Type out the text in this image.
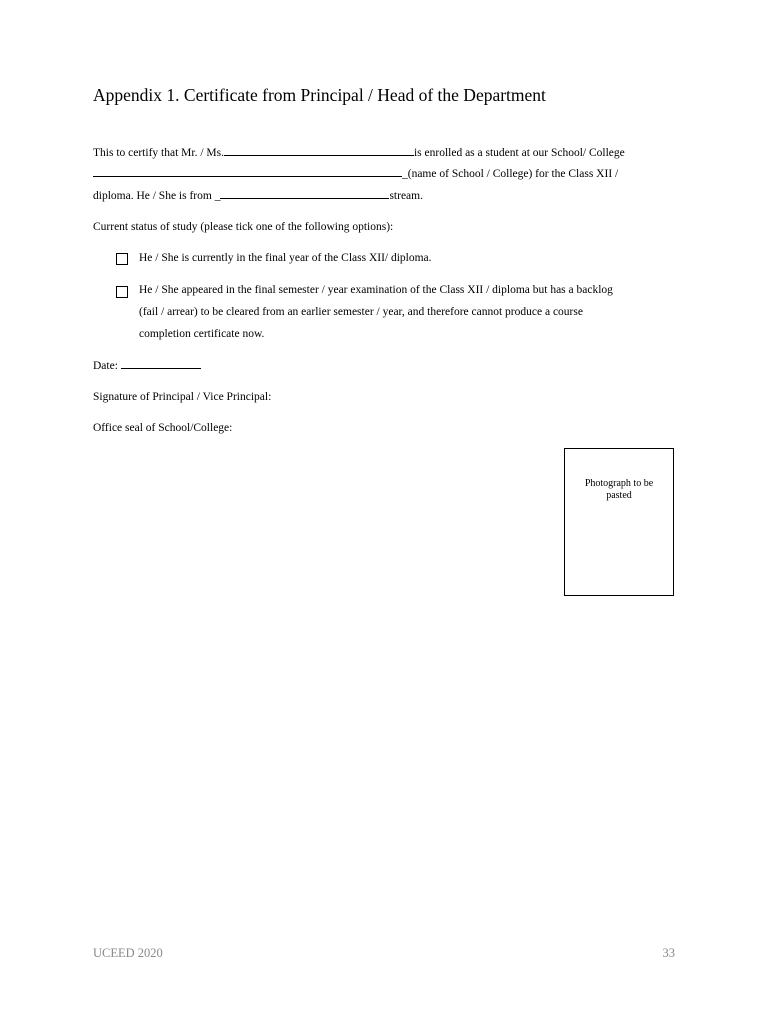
Appendix 1. Certificate from Principal / Head of the Department
This to certify that Mr. / Ms.	is enrolled as a student at our School/ College
_(name of School / College) for the Class XII /
diploma. He / She is from _	stream.
Current status of study (please tick one of the following options):
He / She is currently in the final year of the Class XII/ diploma.
He / She appeared in the final semester / year examination of the Class XII / diploma but has a backlog
(fail / arrear) to be cleared from an earlier semester / year, and therefore cannot produce a course
completion certificate now.
Date:
Signature of Principal / Vice Principal:
Office seal of School/College:
Photograph to be pasted
UCEED 2020	33
